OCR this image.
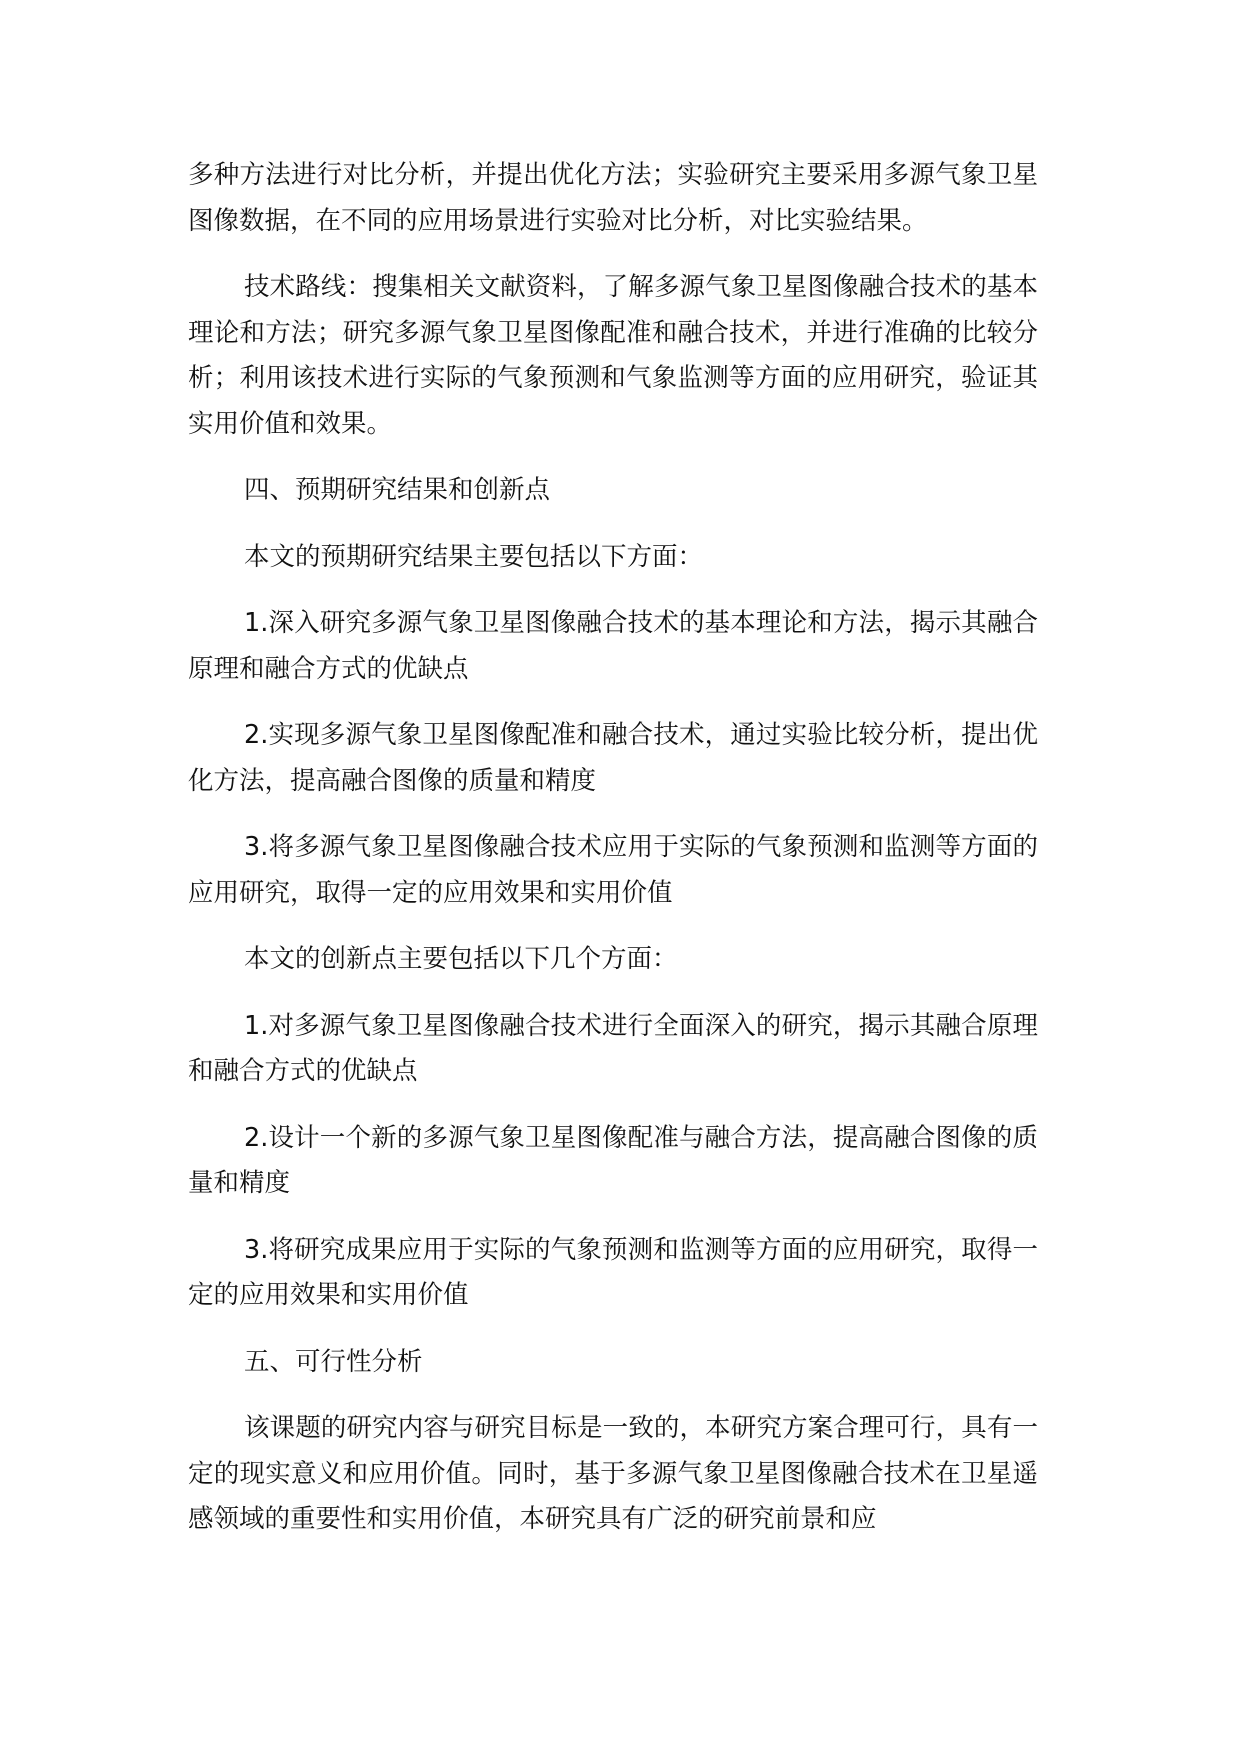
多种方法进行对比分析，并提出优化方法；实验研究主要采用多源气象卫星图像数据，在不同的应用场景进行实验对比分析，对比实验结果。

技术路线：搜集相关文献资料，了解多源气象卫星图像融合技术的基本理论和方法；研究多源气象卫星图像配准和融合技术，并进行准确的比较分析；利用该技术进行实际的气象预测和气象监测等方面的应用研究，验证其实用价值和效果。

四、预期研究结果和创新点

本文的预期研究结果主要包括以下方面：

1.深入研究多源气象卫星图像融合技术的基本理论和方法，揭示其融合原理和融合方式的优缺点

2.实现多源气象卫星图像配准和融合技术，通过实验比较分析，提出优化方法，提高融合图像的质量和精度

3.将多源气象卫星图像融合技术应用于实际的气象预测和监测等方面的应用研究，取得一定的应用效果和实用价值

本文的创新点主要包括以下几个方面：

1.对多源气象卫星图像融合技术进行全面深入的研究，揭示其融合原理和融合方式的优缺点

2.设计一个新的多源气象卫星图像配准与融合方法，提高融合图像的质量和精度

3.将研究成果应用于实际的气象预测和监测等方面的应用研究，取得一定的应用效果和实用价值

五、可行性分析

该课题的研究内容与研究目标是一致的，本研究方案合理可行，具有一定的现实意义和应用价值。同时，基于多源气象卫星图像融合技术在卫星遥感领域的重要性和实用价值，本研究具有广泛的研究前景和应
